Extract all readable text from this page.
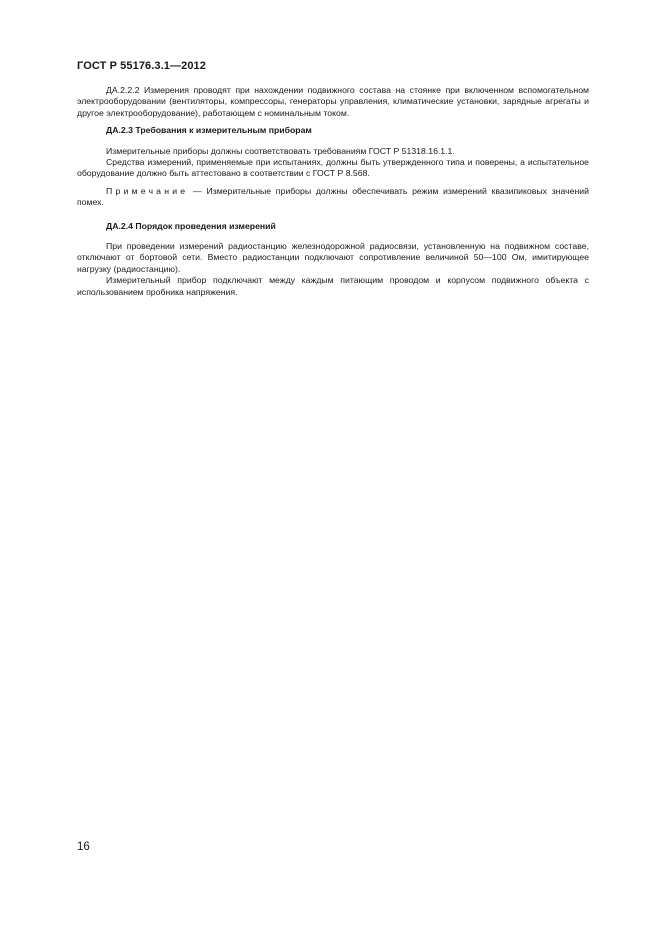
ГОСТ Р 55176.3.1—2012

ДА.2.2.2 Измерения проводят при нахождении подвижного состава на стоянке при включенном вспомогательном электрооборудовании (вентиляторы, компрессоры, генераторы управления, климатические установки, зарядные агрегаты и другое электрооборудование), работающем с номинальным током.

ДА.2.3 Требования к измерительным приборам

Измерительные приборы должны соответствовать требованиям ГОСТ Р 51318.16.1.1.

Средства измерений, применяемые при испытаниях, должны быть утвержденного типа и поверены, а испытательное оборудование должно быть аттестовано в соответствии с ГОСТ Р 8.568.

Примечание — Измерительные приборы должны обеспечивать режим измерений квазипиковых значений помех.

ДА.2.4 Порядок проведения измерений

При проведении измерений радиостанцию железнодорожной радиосвязи, установленную на подвижном составе, отключают от бортовой сети. Вместо радиостанции подключают сопротивление величиной 50—100 Ом, имитирующее нагрузку (радиостанцию).

Измерительный прибор подключают между каждым питающим проводом и корпусом подвижного объекта с использованием пробника напряжения.

16
